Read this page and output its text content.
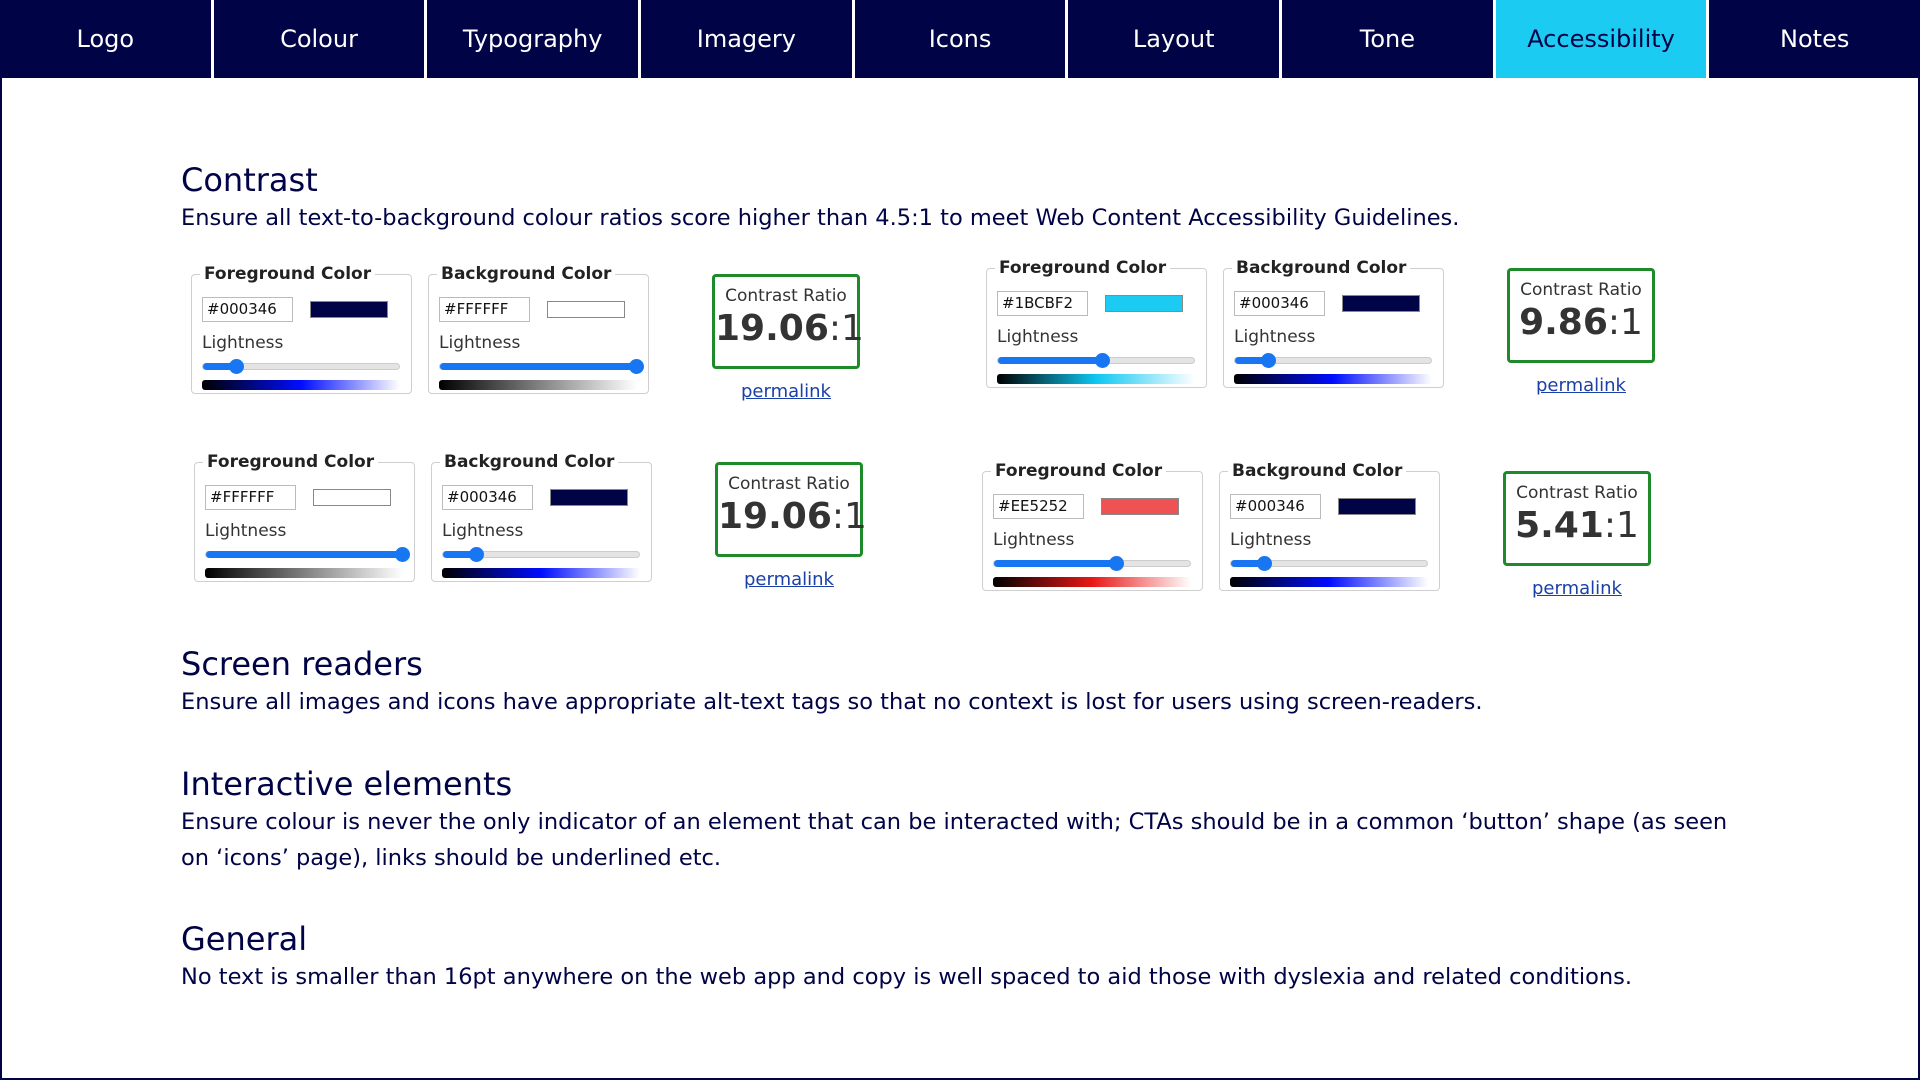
Logo	Colour	Typography	Imagery	Icons	Layout	Tone	Accessibility	Notes
Contrast

Ensure all text-to-background colour ratios score higher than 4.5:1 to meet Web Content Accessibility Guidelines.

Foreground Color
#000346
Lightness
Background Color
#FFFFFF
Lightness
Contrast Ratio
19.06:1
permalink
Foreground Color
#1BCBF2
Lightness
Background Color
#000346
Lightness
Contrast Ratio
9.86:1
permalink
Foreground Color
#FFFFFF
Lightness
Background Color
#000346
Lightness
Contrast Ratio
19.06:1
permalink
Foreground Color
#EE5252
Lightness
Background Color
#000346
Lightness
Contrast Ratio
5.41:1
permalink
Screen readers

Ensure all images and icons have appropriate alt-text tags so that no context is lost for users using screen-readers.

Interactive elements

Ensure colour is never the only indicator of an element that can be interacted with; CTAs should be in a common ‘button’ shape (as seen on ‘icons’ page), links should be underlined etc.

General

No text is smaller than 16pt anywhere on the web app and copy is well spaced to aid those with dyslexia and related conditions.
